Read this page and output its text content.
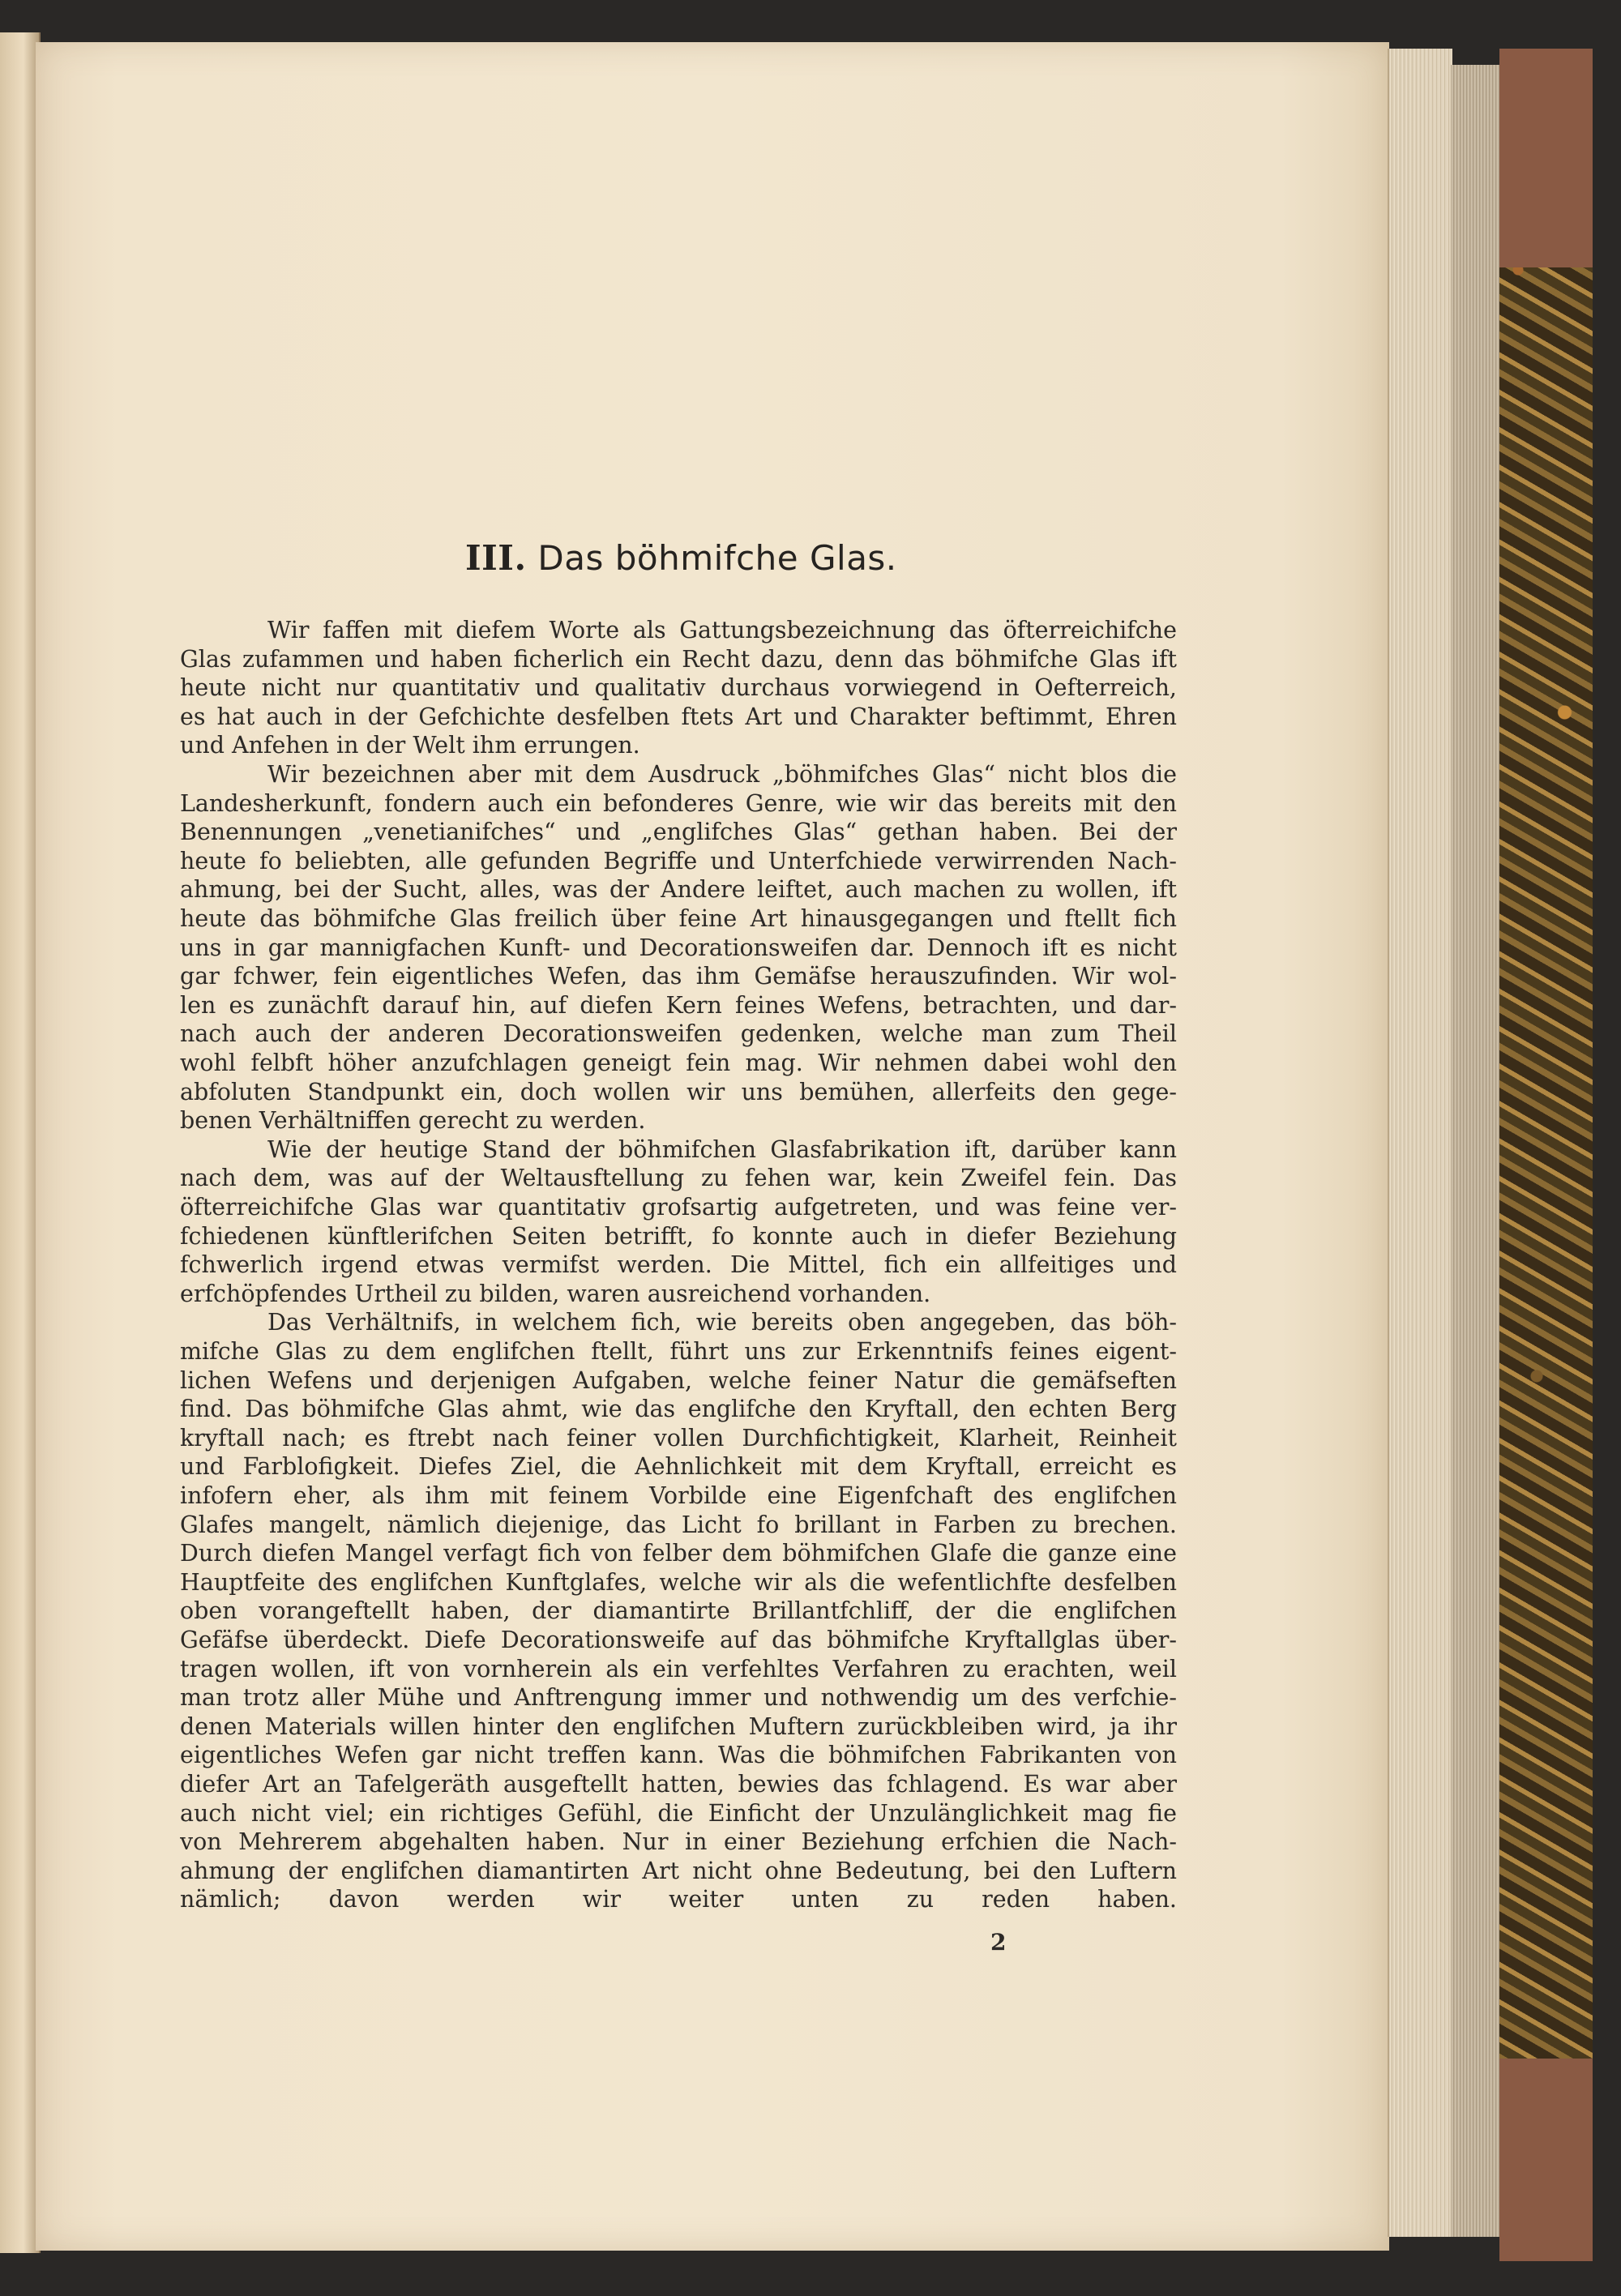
III. Das böhmifche Glas.
Wir faffen mit diefem Worte als Gattungsbezeichnung das öfterreichifche
Glas zufammen und haben ficherlich ein Recht dazu, denn das böhmifche Glas ift
heute nicht nur quantitativ und qualitativ durchaus vorwiegend in Oefterreich,
es hat auch in der Gefchichte desfelben ftets Art und Charakter beftimmt, Ehren
und Anfehen in der Welt ihm errungen.
Wir bezeichnen aber mit dem Ausdruck „böhmifches Glas“ nicht blos die
Landesherkunft, fondern auch ein befonderes Genre, wie wir das bereits mit den
Benennungen „venetianifches“ und „englifches Glas“ gethan haben. Bei der
heute fo beliebten, alle gefunden Begriffe und Unterfchiede verwirrenden Nach-
ahmung, bei der Sucht, alles, was der Andere leiftet, auch machen zu wollen, ift
heute das böhmifche Glas freilich über feine Art hinausgegangen und ftellt fich
uns in gar mannigfachen Kunft- und Decorationsweifen dar. Dennoch ift es nicht
gar fchwer, fein eigentliches Wefen, das ihm Gemäfse herauszufinden. Wir wol-
len es zunächft darauf hin, auf diefen Kern feines Wefens, betrachten, und dar-
nach auch der anderen Decorationsweifen gedenken, welche man zum Theil
wohl felbft höher anzufchlagen geneigt fein mag. Wir nehmen dabei wohl den
abfoluten Standpunkt ein, doch wollen wir uns bemühen, allerfeits den gege-
benen Verhältniffen gerecht zu werden.
Wie der heutige Stand der böhmifchen Glasfabrikation ift, darüber kann
nach dem, was auf der Weltausftellung zu fehen war, kein Zweifel fein. Das
öfterreichifche Glas war quantitativ grofsartig aufgetreten, und was feine ver-
fchiedenen künftlerifchen Seiten betrifft, fo konnte auch in diefer Beziehung
fchwerlich irgend etwas vermifst werden. Die Mittel, fich ein allfeitiges und
erfchöpfendes Urtheil zu bilden, waren ausreichend vorhanden.
Das Verhältnifs, in welchem fich, wie bereits oben angegeben, das böh-
mifche Glas zu dem englifchen ftellt, führt uns zur Erkenntnifs feines eigent-
lichen Wefens und derjenigen Aufgaben, welche feiner Natur die gemäfseften
find. Das böhmifche Glas ahmt, wie das englifche den Kryftall, den echten Berg
kryftall nach; es ftrebt nach feiner vollen Durchfichtigkeit, Klarheit, Reinheit
und Farblofigkeit. Diefes Ziel, die Aehnlichkeit mit dem Kryftall, erreicht es
infofern eher, als ihm mit feinem Vorbilde eine Eigenfchaft des englifchen
Glafes mangelt, nämlich diejenige, das Licht fo brillant in Farben zu brechen.
Durch diefen Mangel verfagt fich von felber dem böhmifchen Glafe die ganze eine
Hauptfeite des englifchen Kunftglafes, welche wir als die wefentlichfte desfelben
oben vorangeftellt haben, der diamantirte Brillantfchliff, der die englifchen
Gefäfse überdeckt. Diefe Decorationsweife auf das böhmifche Kryftallglas über-
tragen wollen, ift von vornherein als ein verfehltes Verfahren zu erachten, weil
man trotz aller Mühe und Anftrengung immer und nothwendig um des verfchie-
denen Materials willen hinter den englifchen Muftern zurückbleiben wird, ja ihr
eigentliches Wefen gar nicht treffen kann. Was die böhmifchen Fabrikanten von
diefer Art an Tafelgeräth ausgeftellt hatten, bewies das fchlagend. Es war aber
auch nicht viel; ein richtiges Gefühl, die Einficht der Unzulänglichkeit mag fie
von Mehrerem abgehalten haben. Nur in einer Beziehung erfchien die Nach-
ahmung der englifchen diamantirten Art nicht ohne Bedeutung, bei den Luftern
nämlich; davon werden wir weiter unten zu reden haben.
2
